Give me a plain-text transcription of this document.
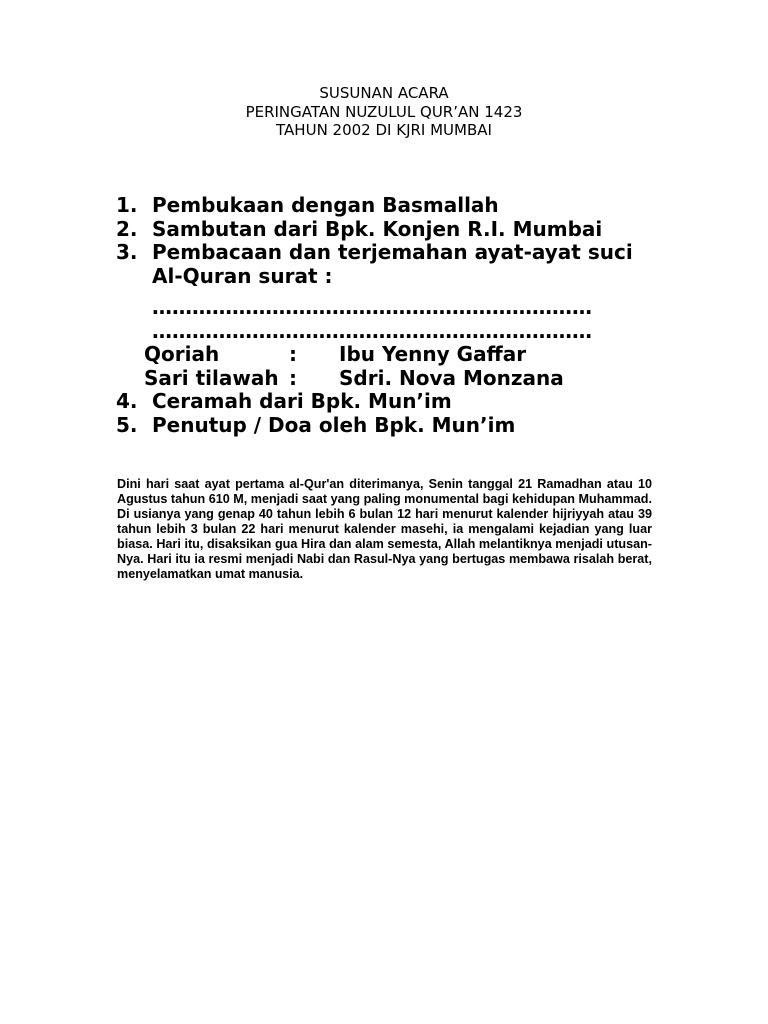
SUSUNAN ACARA
PERINGATAN NUZULUL QUR’AN 1423
TAHUN 2002 DI KJRI MUMBAI
1. Pembukaan dengan Basmallah
2. Sambutan dari Bpk. Konjen R.I. Mumbai
3. Pembacaan dan terjemahan ayat-ayat suci
Al-Quran surat :
…………………………………………………………
…………………………………………………………
Qoriah	:	Ibu Yenny Gaffar
Sari tilawah :	Sdri. Nova Monzana
4. Ceramah dari Bpk. Mun’im
5. Penutup / Doa oleh Bpk. Mun’im
Dini hari saat ayat pertama al-Qur'an diterimanya, Senin tanggal 21 Ramadhan atau 10 Agustus tahun 610 M, menjadi saat yang paling monumental bagi kehidupan Muhammad. Di usianya yang genap 40 tahun lebih 6 bulan 12 hari menurut kalender hijriyyah atau 39 tahun lebih 3 bulan 22 hari menurut kalender masehi, ia mengalami kejadian yang luar biasa. Hari itu, disaksikan gua Hira dan alam semesta, Allah melantiknya menjadi utusan-Nya. Hari itu ia resmi menjadi Nabi dan Rasul-Nya yang bertugas membawa risalah berat, menyelamatkan umat manusia.
